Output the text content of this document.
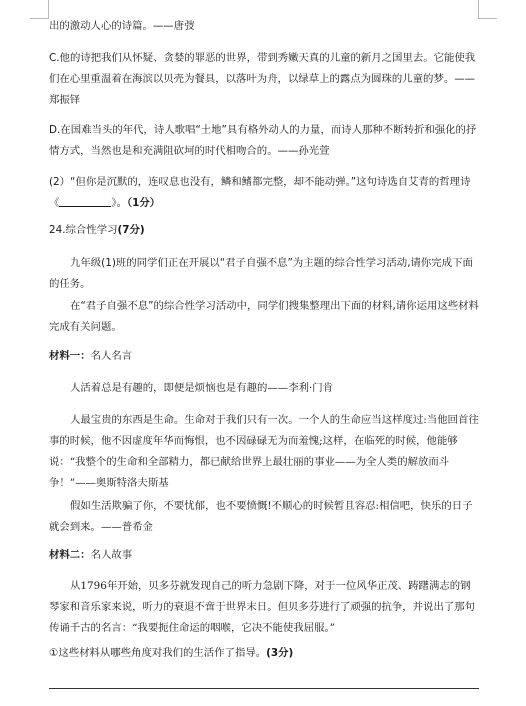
出的激动人心的诗篇。——唐弢

C.他的诗把我们从怀疑、贪婪的罪恶的世界，带到秀嫩天真的儿童的新月之国里去。它能使我们在心里重温着在海滨以贝壳为餐具，以落叶为舟，以绿草上的露点为圆珠的儿童的梦。——郑振铎

D.在国难当头的年代，诗人歌唱“土地”具有格外动人的力量，而诗人那种不断转折和强化的抒情方式，当然也是和充满阻砍坷的时代相吻合的。——孙光萱

(2）“但你是沉默的，连叹息也没有，鳞和鳍都完整，却不能动弹。”这句诗选自艾青的哲理诗《	》。（1分）

24.综合性学习(7分)

九年级(1)班的同学们正在开展以“君子自强不息”为主题的综合性学习活动,请你完成下面的任务。

在“君子自强不息”的综合性学习活动中，同学们搜集整理出下面的材料,请你运用这些材料完成有关问题。

材料一：名人名言

人活着总是有趣的，即便是烦恼也是有趣的——李利·门肯

人最宝贵的东西是生命。生命对于我们只有一次。一个人的生命应当这样度过:当他回首往事的时候，他不因虚度年华而悔恨，也不因碌碌无为而羞愧;这样，在临死的时候，他能够说：“我整个的生命和全部精力，都已献给世界上最壮丽的事业——为全人类的解放而斗争！”——奥斯特洛夫斯基

假如生活欺骗了你，不要忧郁，也不要愤慨!不顺心的时候暂且容忍:相信吧，快乐的日子就会到来。——普希金

材料二：名人故事

从1796年开始，贝多芬就发现自己的听力急剧下降，对于一位风华正茂、踌躇满志的钢琴家和音乐家来说，听力的衰退不啻于世界末日。但贝多芬进行了顽强的抗争，并说出了那句传诵千古的名言：“我要扼住命运的咽喉，它决不能使我屈服。”

①这些材料从哪些角度对我们的生活作了指导。(3分)
